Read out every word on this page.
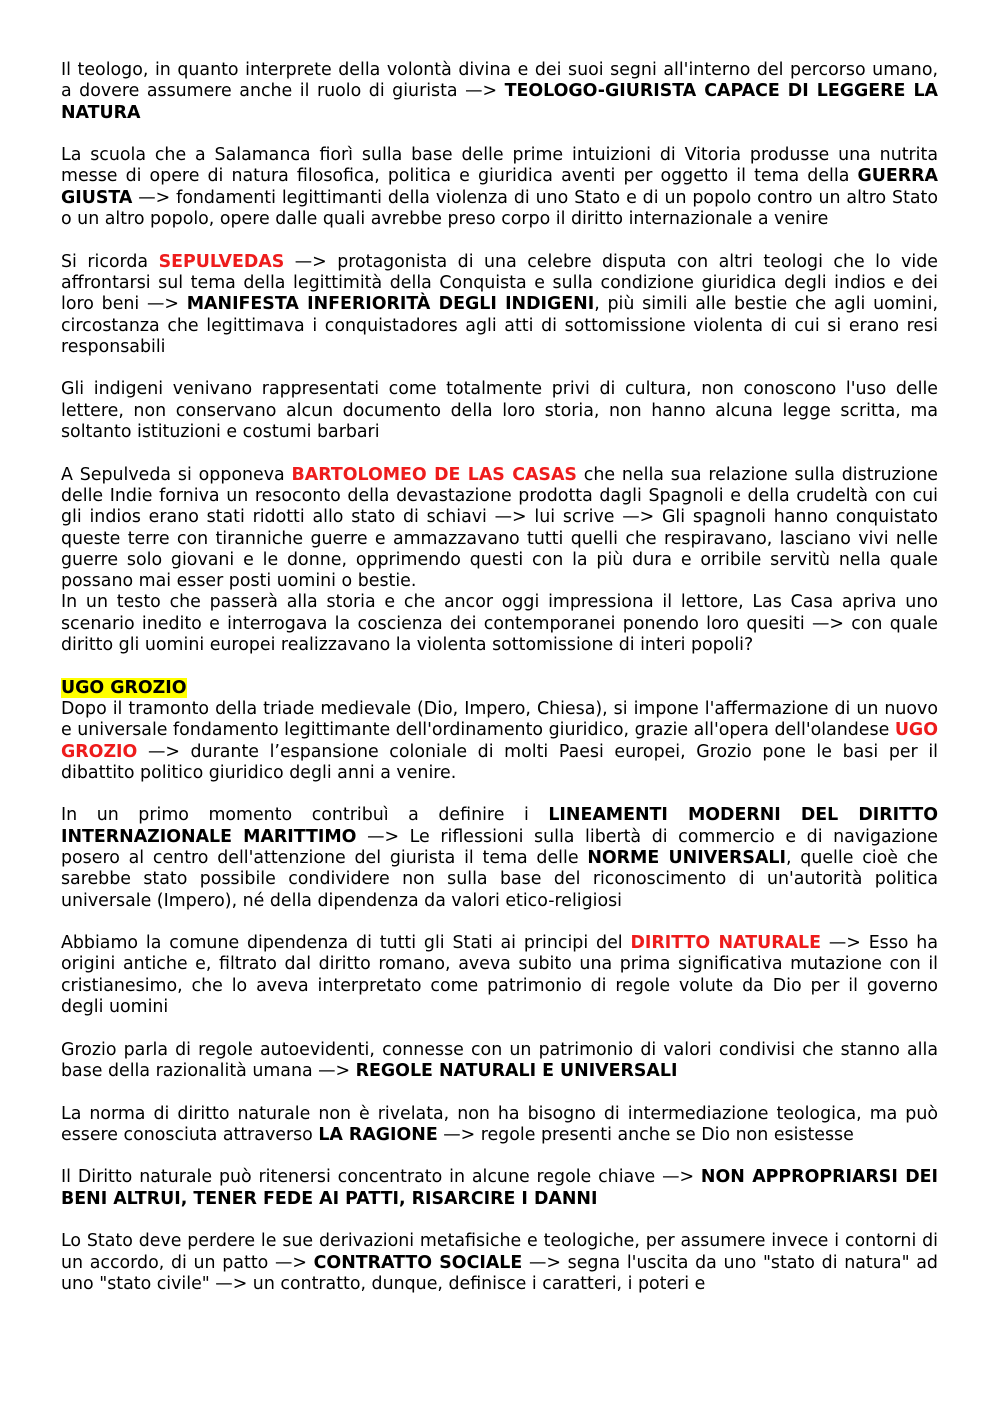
Il teologo, in quanto interprete della volontà divina e dei suoi segni all'interno del percorso umano, a dovere assumere anche il ruolo di giurista —> TEOLOGO-GIURISTA CAPACE DI LEGGERE LA NATURA

La scuola che a Salamanca fiorì sulla base delle prime intuizioni di Vitoria produsse una nutrita messe di opere di natura filosofica, politica e giuridica aventi per oggetto il tema della GUERRA GIUSTA —> fondamenti legittimanti della violenza di uno Stato e di un popolo contro un altro Stato o un altro popolo, opere dalle quali avrebbe preso corpo il diritto internazionale a venire

Si ricorda SEPULVEDAS —> protagonista di una celebre disputa con altri teologi che lo vide affrontarsi sul tema della legittimità della Conquista e sulla condizione giuridica degli indios e dei loro beni —> MANIFESTA INFERIORITÀ DEGLI INDIGENI, più simili alle bestie che agli uomini, circostanza che legittimava i conquistadores agli atti di sottomissione violenta di cui si erano resi responsabili

Gli indigeni venivano rappresentati come totalmente privi di cultura, non conoscono l'uso delle lettere, non conservano alcun documento della loro storia, non hanno alcuna legge scritta, ma soltanto istituzioni e costumi barbari

A Sepulveda si opponeva BARTOLOMEO DE LAS CASAS che nella sua relazione sulla distruzione delle Indie forniva un resoconto della devastazione prodotta dagli Spagnoli e della crudeltà con cui gli indios erano stati ridotti allo stato di schiavi —> lui scrive —> Gli spagnoli hanno conquistato queste terre con tiranniche guerre e ammazzavano tutti quelli che respiravano, lasciano vivi nelle guerre solo giovani e le donne, opprimendo questi con la più dura e orribile servitù nella quale possano mai esser posti uomini o bestie.

In un testo che passerà alla storia e che ancor oggi impressiona il lettore, Las Casa apriva uno scenario inedito e interrogava la coscienza dei contemporanei ponendo loro quesiti —> con quale diritto gli uomini europei realizzavano la violenta sottomissione di interi popoli?

UGO GROZIO

Dopo il tramonto della triade medievale (Dio, Impero, Chiesa), si impone l'affermazione di un nuovo e universale fondamento legittimante dell'ordinamento giuridico, grazie all'opera dell'olandese UGO GROZIO —> durante l’espansione coloniale di molti Paesi europei, Grozio pone le basi per il dibattito politico giuridico degli anni a venire.

In un primo momento contribuì a definire i LINEAMENTI MODERNI DEL DIRITTO INTERNAZIONALE MARITTIMO —> Le riflessioni sulla libertà di commercio e di navigazione posero al centro dell'attenzione del giurista il tema delle NORME UNIVERSALI, quelle cioè che sarebbe stato possibile condividere non sulla base del riconoscimento di un'autorità politica universale (Impero), né della dipendenza da valori etico-religiosi

Abbiamo la comune dipendenza di tutti gli Stati ai principi del DIRITTO NATURALE —> Esso ha origini antiche e, filtrato dal diritto romano, aveva subito una prima significativa mutazione con il cristianesimo, che lo aveva interpretato come patrimonio di regole volute da Dio per il governo degli uomini

Grozio parla di regole autoevidenti, connesse con un patrimonio di valori condivisi che stanno alla base della razionalità umana —> REGOLE NATURALI E UNIVERSALI

La norma di diritto naturale non è rivelata, non ha bisogno di intermediazione teologica, ma può essere conosciuta attraverso LA RAGIONE —> regole presenti anche se Dio non esistesse

Il Diritto naturale può ritenersi concentrato in alcune regole chiave —> NON APPROPRIARSI DEI BENI ALTRUI, TENER FEDE AI PATTI, RISARCIRE I DANNI

Lo Stato deve perdere le sue derivazioni metafisiche e teologiche, per assumere invece i contorni di un accordo, di un patto —> CONTRATTO SOCIALE —> segna l'uscita da uno "stato di natura" ad uno "stato civile" —> un contratto, dunque, definisce i caratteri, i poteri e
